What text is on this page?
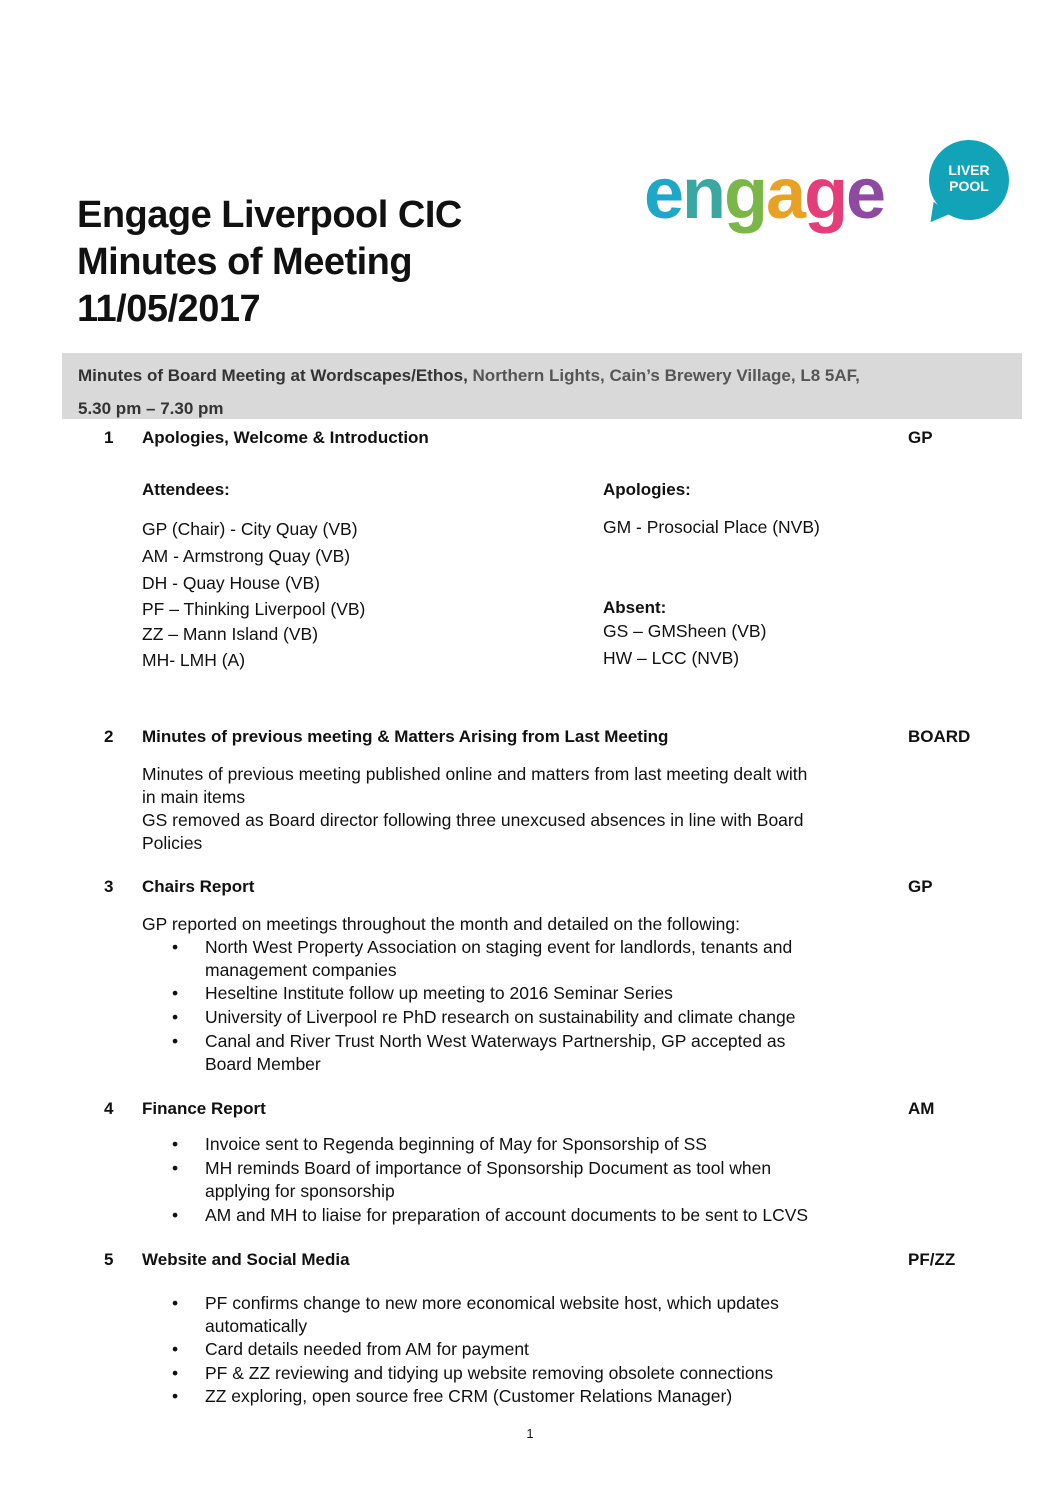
Engage Liverpool CIC
Minutes of Meeting
11/05/2017
engage	LIVER
POOL
Minutes of Board Meeting at Wordscapes/Ethos, Northern Lights, Cain’s Brewery Village, L8 5AF,
5.30 pm – 7.30 pm
1	Apologies, Welcome & Introduction	GP
Attendees:
GP (Chair) - City Quay (VB)
AM - Armstrong Quay (VB)
DH - Quay House (VB)
PF – Thinking Liverpool (VB)
ZZ – Mann Island (VB)
MH- LMH (A)
Apologies:
GM - Prosocial Place (NVB)
Absent:
GS – GMSheen (VB)
HW – LCC (NVB)
2	Minutes of previous meeting & Matters Arising from Last Meeting	BOARD
Minutes of previous meeting published online and matters from last meeting dealt with
in main items
GS removed as Board director following three unexcused absences in line with Board
Policies
3	Chairs Report	GP
GP reported on meetings throughout the month and detailed on the following:
• North West Property Association on staging event for landlords, tenants and
management companies
• Heseltine Institute follow up meeting to 2016 Seminar Series
• University of Liverpool re PhD research on sustainability and climate change
• Canal and River Trust North West Waterways Partnership, GP accepted as
Board Member
4	Finance Report	AM
• Invoice sent to Regenda beginning of May for Sponsorship of SS
• MH reminds Board of importance of Sponsorship Document as tool when
applying for sponsorship
• AM and MH to liaise for preparation of account documents to be sent to LCVS
5	Website and Social Media	PF/ZZ
• PF confirms change to new more economical website host, which updates
automatically
• Card details needed from AM for payment
• PF & ZZ reviewing and tidying up website removing obsolete connections
• ZZ exploring, open source free CRM (Customer Relations Manager)
1
